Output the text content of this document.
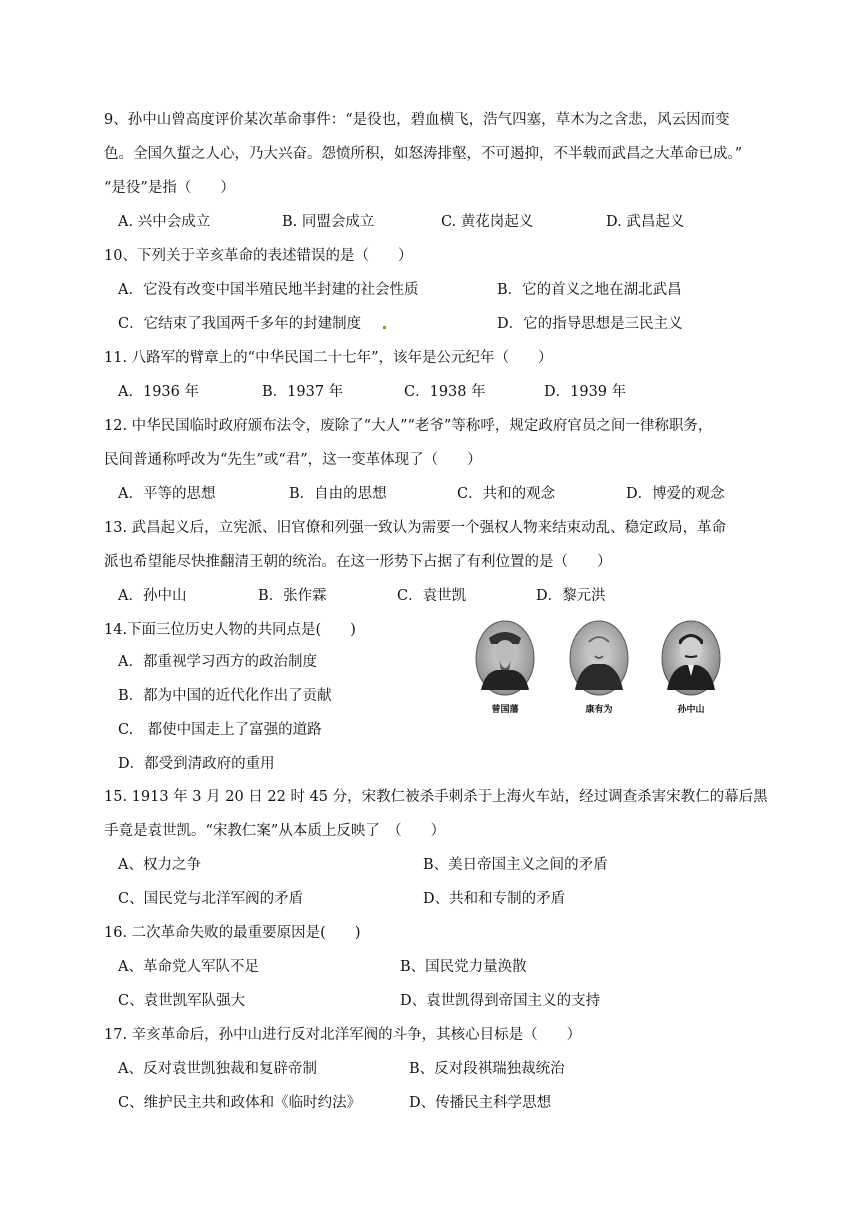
9、孙中山曾高度评价某次革命事件：“是役也，碧血横飞，浩气四塞，草木为之含悲，风云因而变
色。全国久蜇之人心，乃大兴奋。怨愤所积，如怒涛排壑，不可遏抑，不半载而武昌之大革命已成。”
“是役”是指（　　）
A. 兴中会成立	B. 同盟会成立	C. 黄花岗起义	D. 武昌起义
10、下列关于辛亥革命的表述错误的是（　　）
A．它没有改变中国半殖民地半封建的社会性质	B．它的首义之地在湖北武昌
C．它结束了我国两千多年的封建制度	D．它的指导思想是三民主义
11. 八路军的臂章上的“中华民国二十七年”，该年是公元纪年（　　）
A．1936 年	B．1937 年	C．1938 年	D．1939 年
12. 中华民国临时政府颁布法令，废除了“大人”“老爷”等称呼，规定政府官员之间一律称职务，
民间普通称呼改为“先生”或“君”，这一变革体现了（　　）
A．平等的思想	B．自由的思想	C．共和的观念	D．博爱的观念
13. 武昌起义后，立宪派、旧官僚和列强一致认为需要一个强权人物来结束动乱、稳定政局，革命
派也希望能尽快推翻清王朝的统治。在这一形势下占据了有利位置的是（　　）
A．孙中山	B．张作霖	C．袁世凯	D．黎元洪
14.下面三位历史人物的共同点是(　　)
A．都重视学习西方的政治制度
B．都为中国的近代化作出了贡献
C.　都使中国走上了富强的道路
D．都受到清政府的重用
曾国藩	康有为	孙中山
15. 1913 年 3 月 20 日 22 时 45 分，宋教仁被杀手刺杀于上海火车站，经过调查杀害宋教仁的幕后黑
手竟是袁世凯。“宋教仁案”从本质上反映了　（　　）
A、权力之争	B、美日帝国主义之间的矛盾
C、国民党与北洋军阀的矛盾	D、共和和专制的矛盾
16. 二次革命失败的最重要原因是(　　)
A、革命党人军队不足	B、国民党力量涣散
C、袁世凯军队强大	D、袁世凯得到帝国主义的支持
17. 辛亥革命后，孙中山进行反对北洋军阀的斗争，其核心目标是（　　）
A、反对袁世凯独裁和复辟帝制	B、反对段祺瑞独裁统治
C、维护民主共和政体和《临时约法》	D、传播民主科学思想
